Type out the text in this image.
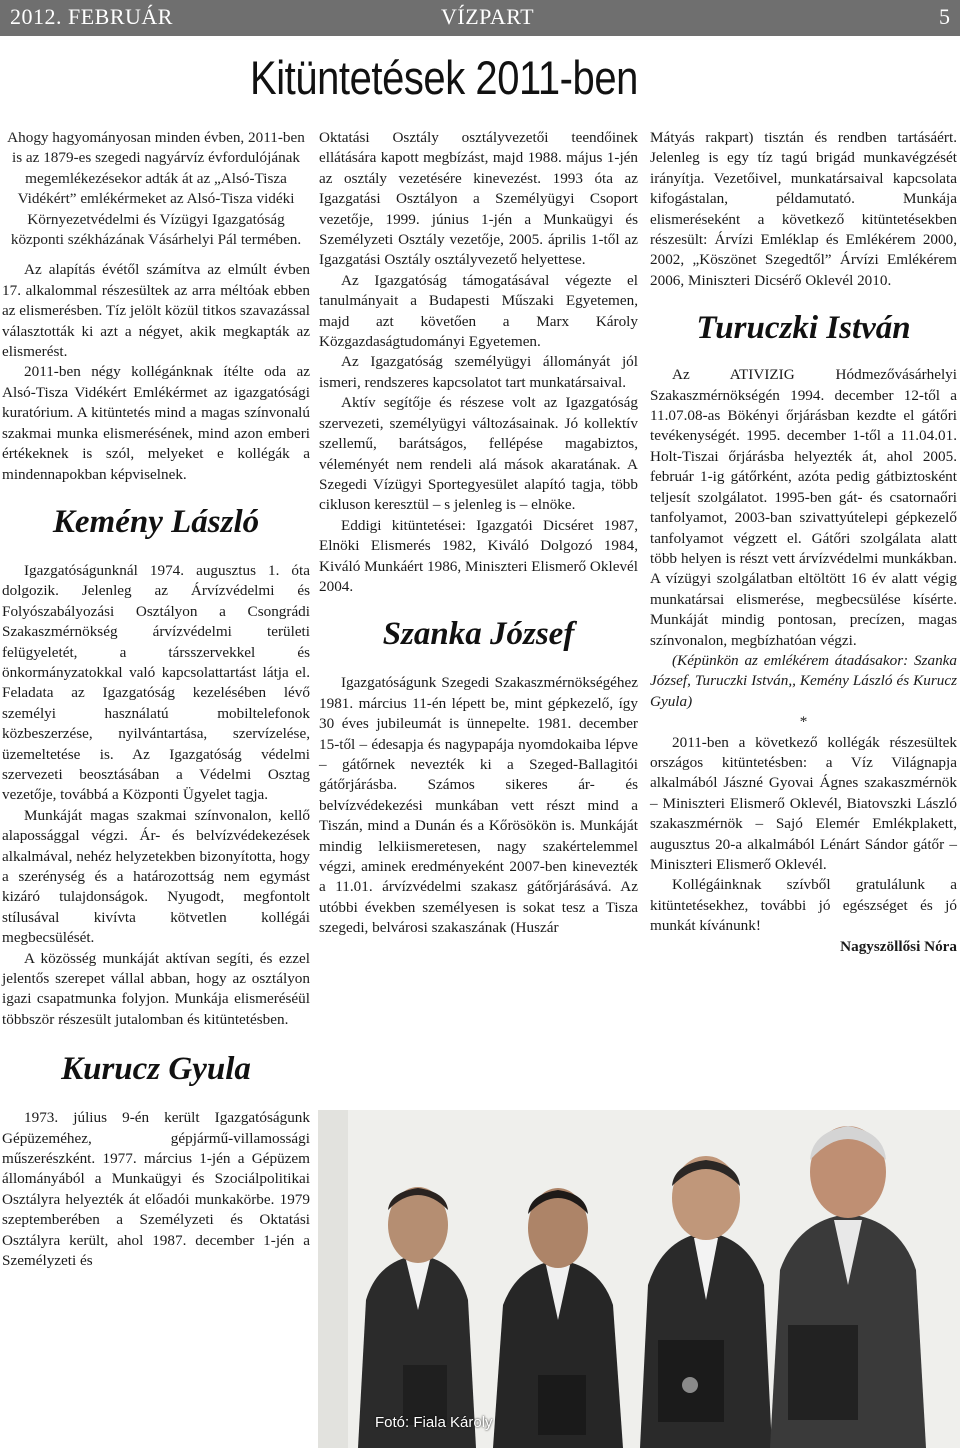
2012. FEBRUÁR	VÍZPART	5
Kitüntetések 2011-ben

Ahogy hagyományosan minden évben, 2011-ben is az 1879-es szegedi nagyárvíz évfordulójának megemlékezésekor adták át az „Alsó-Tisza Vidékért” emlékérmeket az Alsó-Tisza vidéki Környezetvédelmi és Vízügyi Igazgatóság központi székházának Vásárhelyi Pál termében.

Az alapítás évétől számítva az elmúlt évben 17. alkalommal részesültek az arra méltóak ebben az elismerésben. Tíz jelölt közül titkos szavazással választották ki azt a négyet, akik megkapták az elismerést.

2011-ben négy kollégánknak ítélte oda az Alsó-Tisza Vidékért Emlékérmet az igazgatósági kuratórium. A kitüntetés mind a magas színvonalú szakmai munka elismerésének, mind azon emberi értékeknek is szól, melyeket e kollégák a mindennapokban képviselnek.

Kemény László

Igazgatóságunknál 1974. augusztus 1. óta dolgozik. Jelenleg az Árvízvédelmi és Folyószabályozási Osztályon a Csongrádi Szakaszmérnökség árvízvédelmi területi felügyeletét, a társszervekkel és önkormányzatokkal való kapcsolattartást látja el. Feladata az Igazgatóság kezelésében lévő személyi használatú mobiltelefonok közbeszerzése, nyilvántartása, szervízelése, üzemeltetése is. Az Igazgatóság védelmi szervezeti beosztásában a Védelmi Osztag vezetője, továbbá a Központi Ügyelet tagja.

Munkáját magas szakmai színvonalon, kellő alapossággal végzi. Ár- és belvízvédekezések alkalmával, nehéz helyzetekben bizonyította, hogy a szerénység és a határozottság nem egymást kizáró tulajdonságok. Nyugodt, megfontolt stílusával kivívta kötvetlen kollégái megbecsülését.

A közösség munkáját aktívan segíti, és ezzel jelentős szerepet vállal abban, hogy az osztályon igazi csapatmunka folyjon. Munkája elismeréséül többször részesült jutalomban és kitüntetésben.

Kurucz Gyula

1973. július 9-én került Igazgatóságunk Gépüzeméhez, gépjármű-villamossági műszerészként. 1977. március 1-jén a Gépüzem állományából a Munkaügyi és Szociálpolitikai Osztályra helyezték át előadói munkakörbe. 1979 szeptemberében a Személyzeti és Oktatási Osztályra került, ahol 1987. december 1-jén a Személyzeti és

Oktatási Osztály osztályvezetői teendőinek ellátására kapott megbízást, majd 1988. május 1-jén az osztály vezetésére kinevezést. 1993 óta az Igazgatási Osztályon a Személyügyi Csoport vezetője, 1999. június 1-jén a Munkaügyi és Személyzeti Osztály vezetője, 2005. április 1-től az Igazgatási Osztály osztályvezető helyettese.

Az Igazgatóság támogatásával végezte el tanulmányait a Budapesti Műszaki Egyetemen, majd azt követően a Marx Károly Közgazdaságtudományi Egyetemen.

Az Igazgatóság személyügyi állományát jól ismeri, rendszeres kapcsolatot tart munkatársaival.

Aktív segítője és részese volt az Igazgatóság szervezeti, személyügyi változásainak. Jó kollektív szellemű, barátságos, fellépése magabiztos, véleményét nem rendeli alá mások akaratának. A Szegedi Vízügyi Sportegyesület alapító tagja, több cikluson keresztül – s jelenleg is – elnöke.

Eddigi kitüntetései: Igazgatói Dicséret 1987, Elnöki Elismerés 1982, Kiváló Dolgozó 1984, Kiváló Munkáért 1986, Miniszteri Elismerő Oklevél 2004.

Szanka József

Igazgatóságunk Szegedi Szakaszmérnökségéhez 1981. március 11-én lépett be, mint gépkezelő, így 30 éves jubileumát is ünnepelte. 1981. december 15-től – édesapja és nagypapája nyomdokaiba lépve – gátőrnek nevezték ki a Szeged-Ballagitói gátőrjárásba. Számos sikeres ár- és belvízvédekezési munkában vett részt mind a Tiszán, mind a Dunán és a Kőrösökön is. Munkáját mindig lelkiismeretesen, nagy szakértelemmel végzi, aminek eredményeként 2007-ben kinevezték a 11.01. árvízvédelmi szakasz gátőrjárásává. Az utóbbi években személyesen is sokat tesz a Tisza szegedi, belvárosi szakaszának (Huszár

Mátyás rakpart) tisztán és rendben tartásáért. Jelenleg is egy tíz tagú brigád munkavégzését irányítja. Vezetőivel, munkatársaival kapcsolata kifogástalan, példamutató. Munkája elismeréseként a következő kitüntetésekben részesült: Árvízi Emléklap és Emlékérem 2000, 2002, „Köszönet Szegedtől” Árvízi Emlékérem 2006, Miniszteri Dicsérő Oklevél 2010.

Turuczki István

Az ATIVIZIG Hódmezővásárhelyi Szakaszmérnökségén 1994. december 12-től a 11.07.08-as Bökényi őrjárásban kezdte el gátőri tevékenységét. 1995. december 1-től a 11.04.01. Holt-Tiszai őrjárásba helyezték át, ahol 2005. február 1-ig gátőrként, azóta pedig gátbiztosként teljesít szolgálatot. 1995-ben gát- és csatornaőri tanfolyamot, 2003-ban szivattyútelepi gépkezelő tanfolyamot végzett el. Gátőri szolgálata alatt több helyen is részt vett árvízvédelmi munkákban. A vízügyi szolgálatban eltöltött 16 év alatt végig munkatársai elismerése, megbecsülése kísérte. Munkáját mindig pontosan, precízen, magas színvonalon, megbízhatóan végzi.

(Képünkön az emlékérem átadásakor: Szanka József, Turuczki István,, Kemény László és Kurucz Gyula)

*

2011-ben a következő kollégák részesültek országos kitüntetésben: a Víz Világnapja alkalmából Jászné Gyovai Ágnes szakaszmérnök – Miniszteri Elismerő Oklevél, Biatovszki László szakaszmérnök – Sajó Elemér Emlékplakett, augusztus 20-a alkalmából Lénárt Sándor gátőr – Miniszteri Elismerő Oklevél.

Kollégáinknak szívből gratulálunk a kitüntetésekhez, további jó egészséget és jó munkát kívánunk!

Nagyszöllősi Nóra

Fotó: Fiala Károly
